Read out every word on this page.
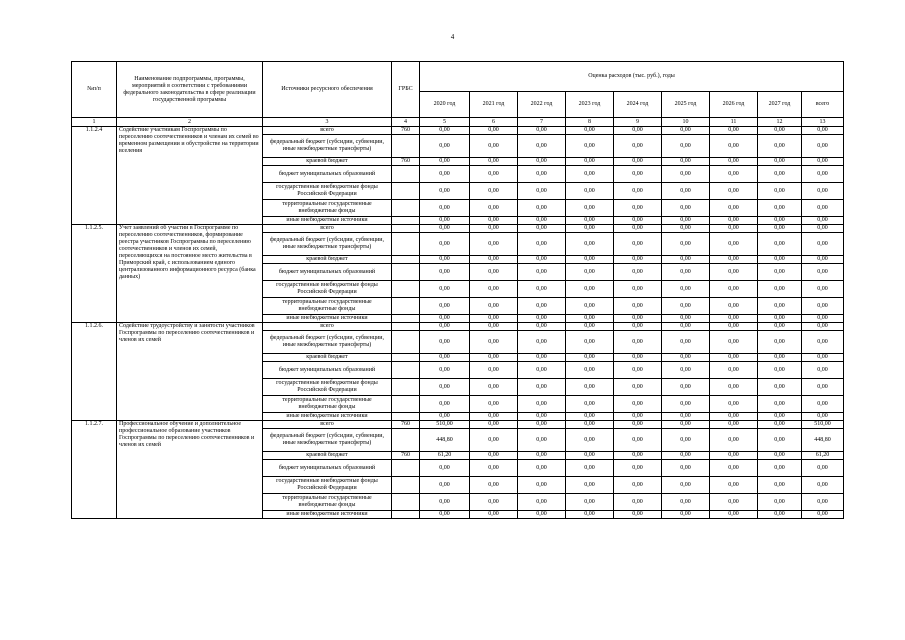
4
№п/п	Наименование подпрограммы, программы, мероприятий в соответствии с требованиями федерального законодательства в сфере реализации государственной программы	Источники ресурсного обеспечения	ГРБС	Оценка расходов (тыс. руб.), годы								
				2020 год	2021 год	2022 год	2023 год	2024 год	2025 год	2026 год	2027 год	всего
1	2	3	4	5	6	7	8	9	10	11	12	13
1.1.2.4	Содействие участникам Госпрограммы по переселению соотечественников и членам их семей во временном размещении и обустройстве на территории вселения	всего	760	0,00	0,00	0,00	0,00	0,00	0,00	0,00	0,00	0,00
		федеральный бюджет (субсидии, субвенции, иные межбюджетные трансферты)		0,00	0,00	0,00	0,00	0,00	0,00	0,00	0,00	0,00
		краевой бюджет	760	0,00	0,00	0,00	0,00	0,00	0,00	0,00	0,00	0,00
		бюджет муниципальных образований		0,00	0,00	0,00	0,00	0,00	0,00	0,00	0,00	0,00
		государственные внебюджетные фонды Российской Федерации		0,00	0,00	0,00	0,00	0,00	0,00	0,00	0,00	0,00
		территориальные государственные внебюджетные фонды		0,00	0,00	0,00	0,00	0,00	0,00	0,00	0,00	0,00
		иные внебюджетные источники		0,00	0,00	0,00	0,00	0,00	0,00	0,00	0,00	0,00
1.1.2.5.	Учет заявлений об участии в Госпрограмме по переселению соотечественников, формирование реестра участников Госпрограммы по переселению соотечественников и членов их семей, переселяющихся на постоянное место жительства в Приморский край, с использованием единого централизованного информационного ресурса (банка данных)	всего		0,00	0,00	0,00	0,00	0,00	0,00	0,00	0,00	0,00
		федеральный бюджет (субсидии, субвенции, иные межбюджетные трансферты)		0,00	0,00	0,00	0,00	0,00	0,00	0,00	0,00	0,00
		краевой бюджет		0,00	0,00	0,00	0,00	0,00	0,00	0,00	0,00	0,00
		бюджет муниципальных образований		0,00	0,00	0,00	0,00	0,00	0,00	0,00	0,00	0,00
		государственные внебюджетные фонды Российской Федерации		0,00	0,00	0,00	0,00	0,00	0,00	0,00	0,00	0,00
		территориальные государственные внебюджетные фонды		0,00	0,00	0,00	0,00	0,00	0,00	0,00	0,00	0,00
		иные внебюджетные источники		0,00	0,00	0,00	0,00	0,00	0,00	0,00	0,00	0,00
1.1.2.6.	Содействие трудоустройству и занятости участников Госпрограммы по переселению соотечественников и членов их семей	всего		0,00	0,00	0,00	0,00	0,00	0,00	0,00	0,00	0,00
		федеральный бюджет (субсидии, субвенции, иные межбюджетные трансферты)		0,00	0,00	0,00	0,00	0,00	0,00	0,00	0,00	0,00
		краевой бюджет		0,00	0,00	0,00	0,00	0,00	0,00	0,00	0,00	0,00
		бюджет муниципальных образований		0,00	0,00	0,00	0,00	0,00	0,00	0,00	0,00	0,00
		государственные внебюджетные фонды Российской Федерации		0,00	0,00	0,00	0,00	0,00	0,00	0,00	0,00	0,00
		территориальные государственные внебюджетные фонды		0,00	0,00	0,00	0,00	0,00	0,00	0,00	0,00	0,00
		иные внебюджетные источники		0,00	0,00	0,00	0,00	0,00	0,00	0,00	0,00	0,00
1.1.2.7.	Профессиональное обучение и дополнительное профессиональное образование участников Госпрограммы по переселению соотечественников и членов их семей	всего	760	510,00	0,00	0,00	0,00	0,00	0,00	0,00	0,00	510,00
		федеральный бюджет (субсидии, субвенции, иные межбюджетные трансферты)		448,80	0,00	0,00	0,00	0,00	0,00	0,00	0,00	448,80
		краевой бюджет	760	61,20	0,00	0,00	0,00	0,00	0,00	0,00	0,00	61,20
		бюджет муниципальных образований		0,00	0,00	0,00	0,00	0,00	0,00	0,00	0,00	0,00
		государственные внебюджетные фонды Российской Федерации		0,00	0,00	0,00	0,00	0,00	0,00	0,00	0,00	0,00
		территориальные государственные внебюджетные фонды		0,00	0,00	0,00	0,00	0,00	0,00	0,00	0,00	0,00
		иные внебюджетные источники		0,00	0,00	0,00	0,00	0,00	0,00	0,00	0,00	0,00
